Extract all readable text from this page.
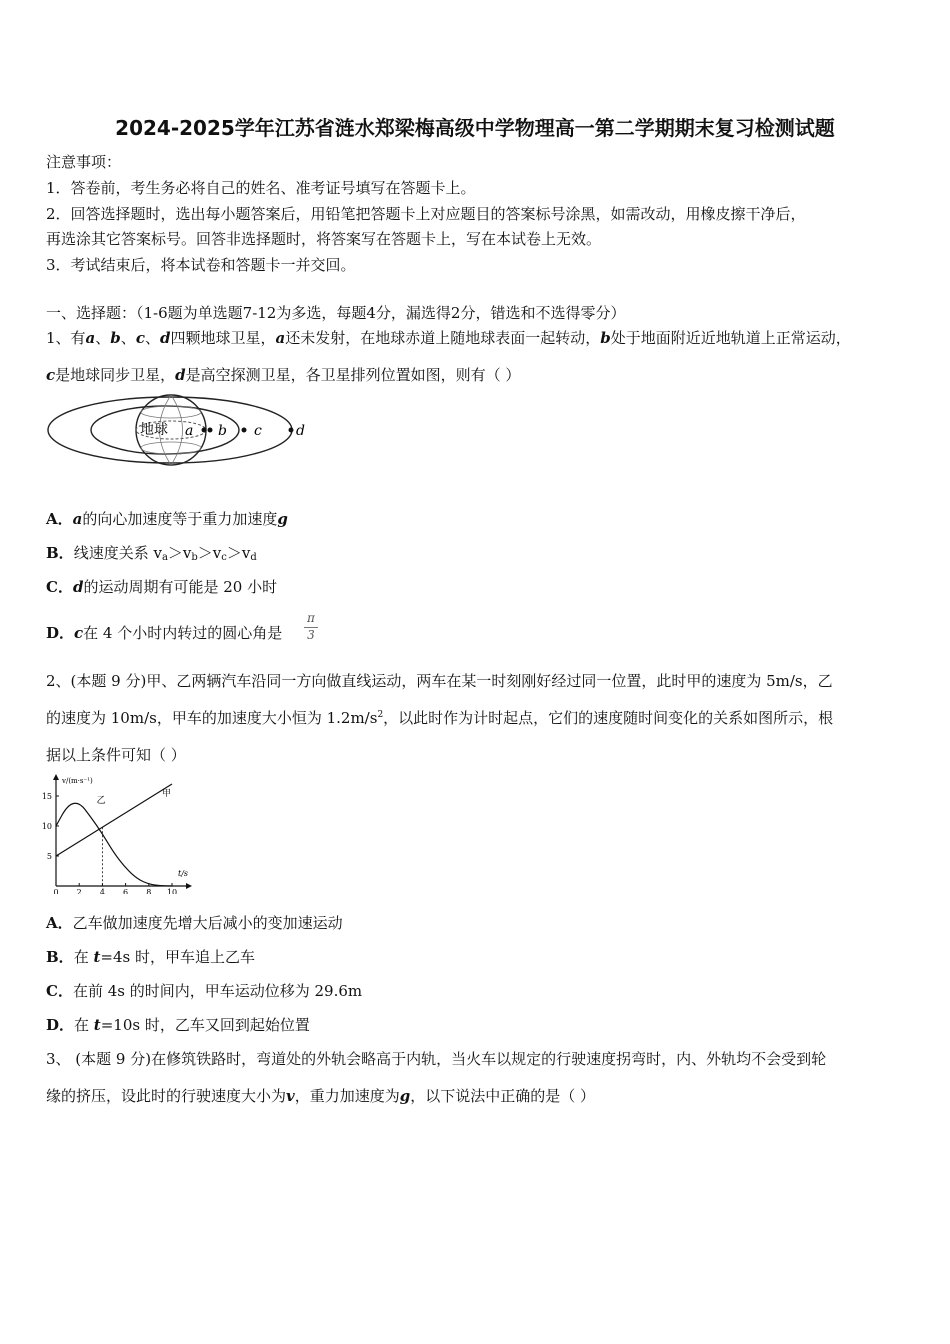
2024-2025学年江苏省涟水郑梁梅高级中学物理高一第二学期期末复习检测试题
注意事项：
1．答卷前，考生务必将自己的姓名、准考证号填写在答题卡上。
2．回答选择题时，选出每小题答案后，用铅笔把答题卡上对应题目的答案标号涂黑，如需改动，用橡皮擦干净后，
再选涂其它答案标号。回答非选择题时，将答案写在答题卡上，写在本试卷上无效。
3．考试结束后，将本试卷和答题卡一并交回。
一、选择题：（1-6题为单选题7-12为多选，每题4分，漏选得2分，错选和不选得零分）
1、有a、b、c、d四颗地球卫星，a还未发射，在地球赤道上随地球表面一起转动，b处于地面附近近地轨道上正常运动，
c是地球同步卫星，d是高空探测卫星，各卫星排列位置如图，则有（ ）
地球 a b c d
A．a的向心加速度等于重力加速度g
B．线速度关系 $v_a>v_b>v_c>v_d$
C．d的运动周期有可能是 20 小时
D．c在 4 个小时内转过的圆心角是
π
3
2、(本题 9 分)甲、乙两辆汽车沿同一方向做直线运动，两车在某一时刻刚好经过同一位置，此时甲的速度为 5m/s，乙
的速度为 10m/s，甲车的加速度大小恒为 $1.2m/s^2$，以此时作为计时起点，它们的速度随时间变化的关系如图所示，根
据以上条件可知（ ）
v/(m·s⁻¹)
t/s
0 2 4 6 8 10
5
10
15	甲
乙
A．乙车做加速度先增大后减小的变加速运动
B．在 t=4s 时，甲车追上乙车
C．在前 4s 的时间内，甲车运动位移为 29.6m
D．在 t=10s 时，乙车又回到起始位置
3、 (本题 9 分)在修筑铁路时，弯道处的外轨会略高于内轨，当火车以规定的行驶速度拐弯时，内、外轨均不会受到轮
缘的挤压，设此时的行驶速度大小为v，重力加速度为g，以下说法中正确的是（ ）
